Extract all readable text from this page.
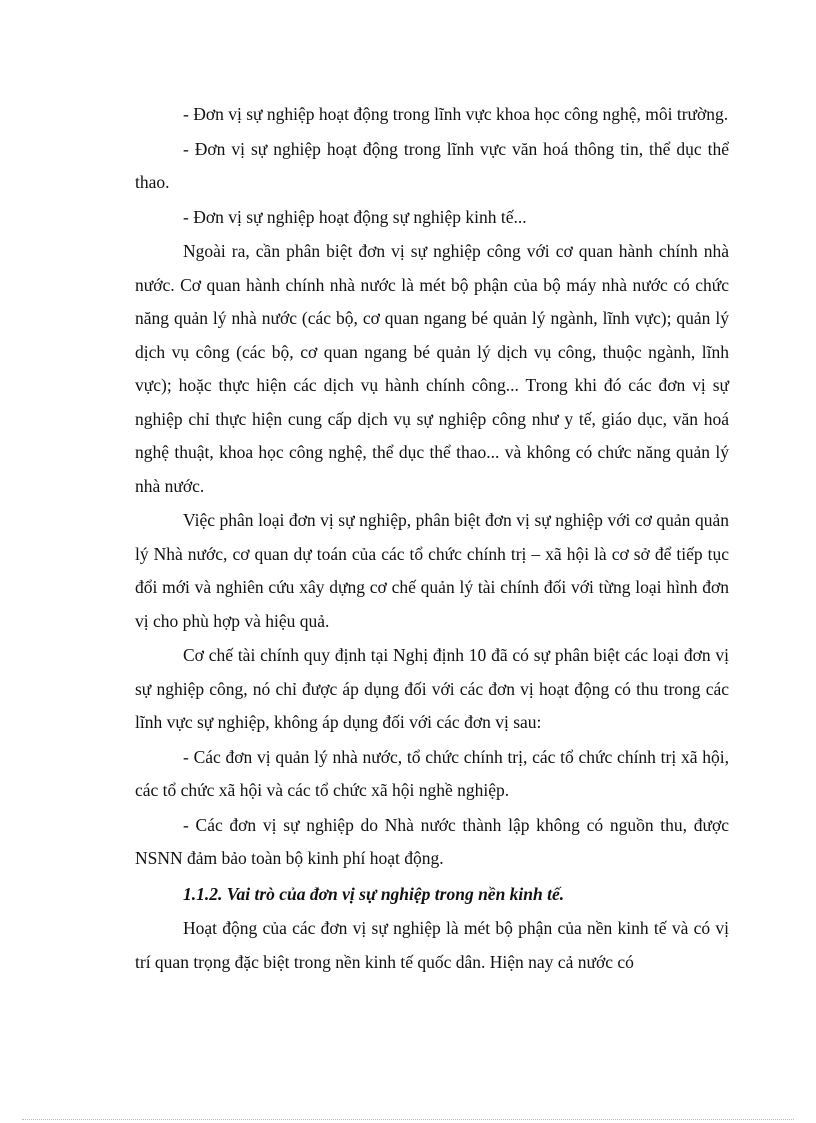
- Đơn vị sự nghiệp hoạt động trong lĩnh vực khoa học công nghệ, môi trường.

- Đơn vị sự nghiệp hoạt động trong lĩnh vực văn hoá thông tin, thể dục thể thao.

- Đơn vị sự nghiệp hoạt động sự nghiệp kinh tế...

Ngoài ra, cần phân biệt đơn vị sự nghiệp công với cơ quan hành chính nhà nước. Cơ quan hành chính nhà nước là mét bộ phận của bộ máy nhà nước có chức năng quản lý nhà nước (các bộ, cơ quan ngang bé quản lý ngành, lĩnh vực); quản lý dịch vụ công (các bộ, cơ quan ngang bé quản lý dịch vụ công, thuộc ngành, lĩnh vực); hoặc thực hiện các dịch vụ hành chính công... Trong khi đó các đơn vị sự nghiệp chỉ thực hiện cung cấp dịch vụ sự nghiệp công như y tế, giáo dục, văn hoá nghệ thuật, khoa học công nghệ, thể dục thể thao... và không có chức năng quản lý nhà nước.

Việc phân loại đơn vị sự nghiệp, phân biệt đơn vị sự nghiệp với cơ quản quản lý Nhà nước, cơ quan dự toán của các tổ chức chính trị – xã hội là cơ sở để tiếp tục đổi mới và nghiên cứu xây dựng cơ chế quản lý tài chính đối với từng loại hình đơn vị cho phù hợp và hiệu quả.

Cơ chế tài chính quy định tại Nghị định 10 đã có sự phân biệt các loại đơn vị sự nghiệp công, nó chỉ được áp dụng đối với các đơn vị hoạt động có thu trong các lĩnh vực sự nghiệp, không áp dụng đối với các đơn vị sau:

- Các đơn vị quản lý nhà nước, tổ chức chính trị, các tổ chức chính trị xã hội, các tổ chức xã hội và các tổ chức xã hội nghề nghiệp.

- Các đơn vị sự nghiệp do Nhà nước thành lập không có nguồn thu, được NSNN đảm bảo toàn bộ kinh phí hoạt động.

1.1.2. Vai trò của đơn vị sự nghiệp trong nền kinh tế.

Hoạt động của các đơn vị sự nghiệp là mét bộ phận của nền kinh tế và có vị trí quan trọng đặc biệt trong nền kinh tế quốc dân. Hiện nay cả nước có
